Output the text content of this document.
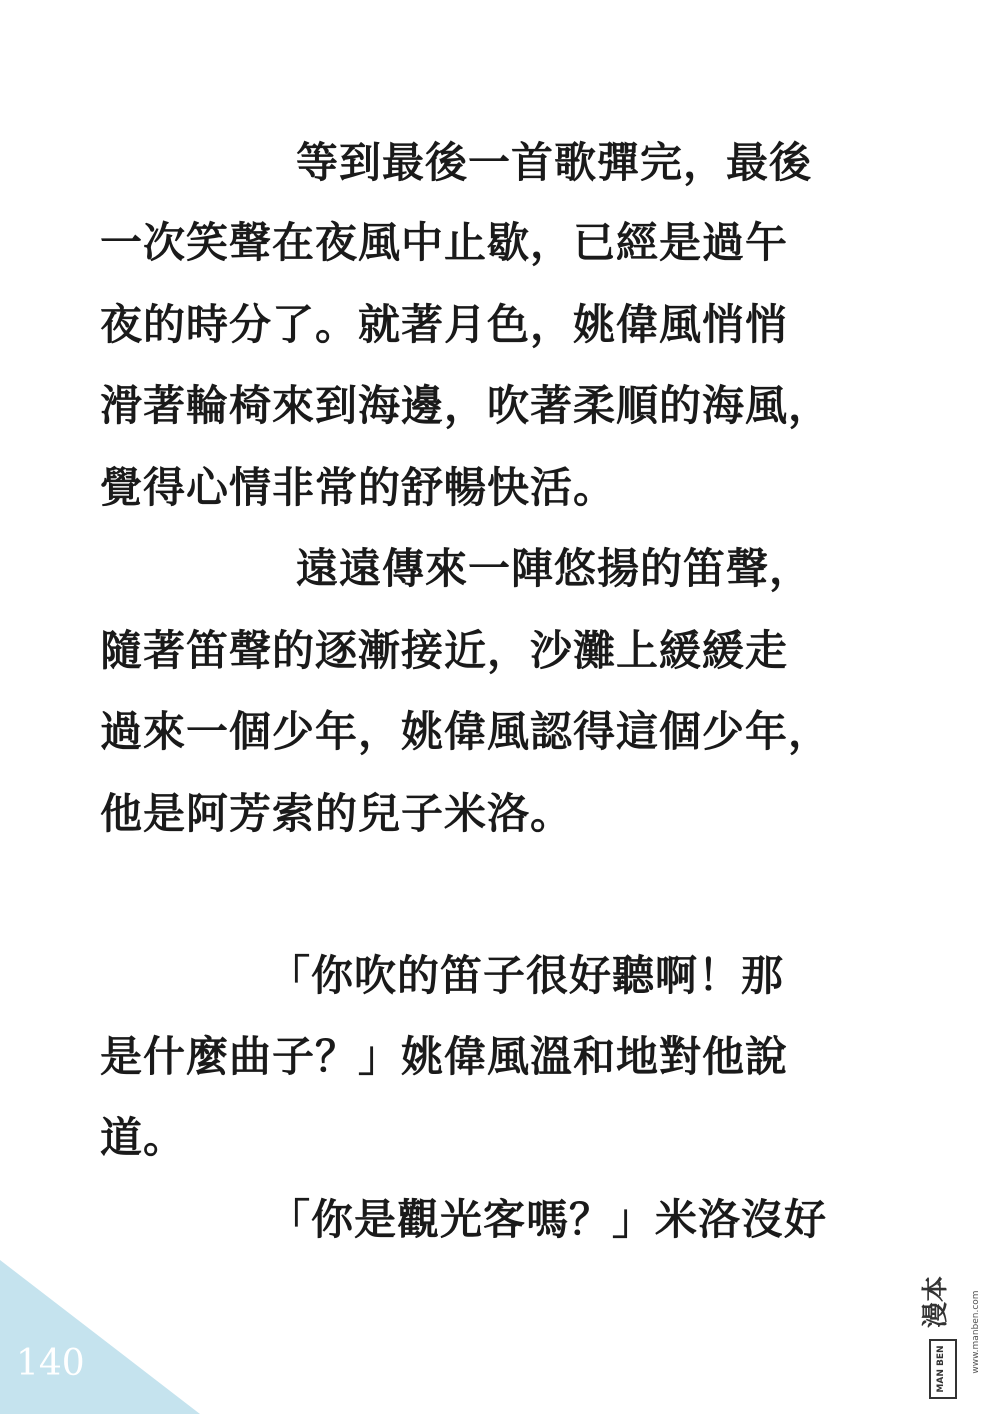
等到最後一首歌彈完，最後
一次笑聲在夜風中止歇，已經是過午
夜的時分了。就著月色，姚偉風悄悄
滑著輪椅來到海邊，吹著柔順的海風，
覺得心情非常的舒暢快活。
遠遠傳來一陣悠揚的笛聲，
隨著笛聲的逐漸接近，沙灘上緩緩走
過來一個少年，姚偉風認得這個少年，
他是阿芳索的兒子米洛。
「你吹的笛子很好聽啊！那
是什麼曲子？」姚偉風溫和地對他說
道。
「你是觀光客嗎？」米洛沒好
140	MAN BEN
漫本 www.manben.com
